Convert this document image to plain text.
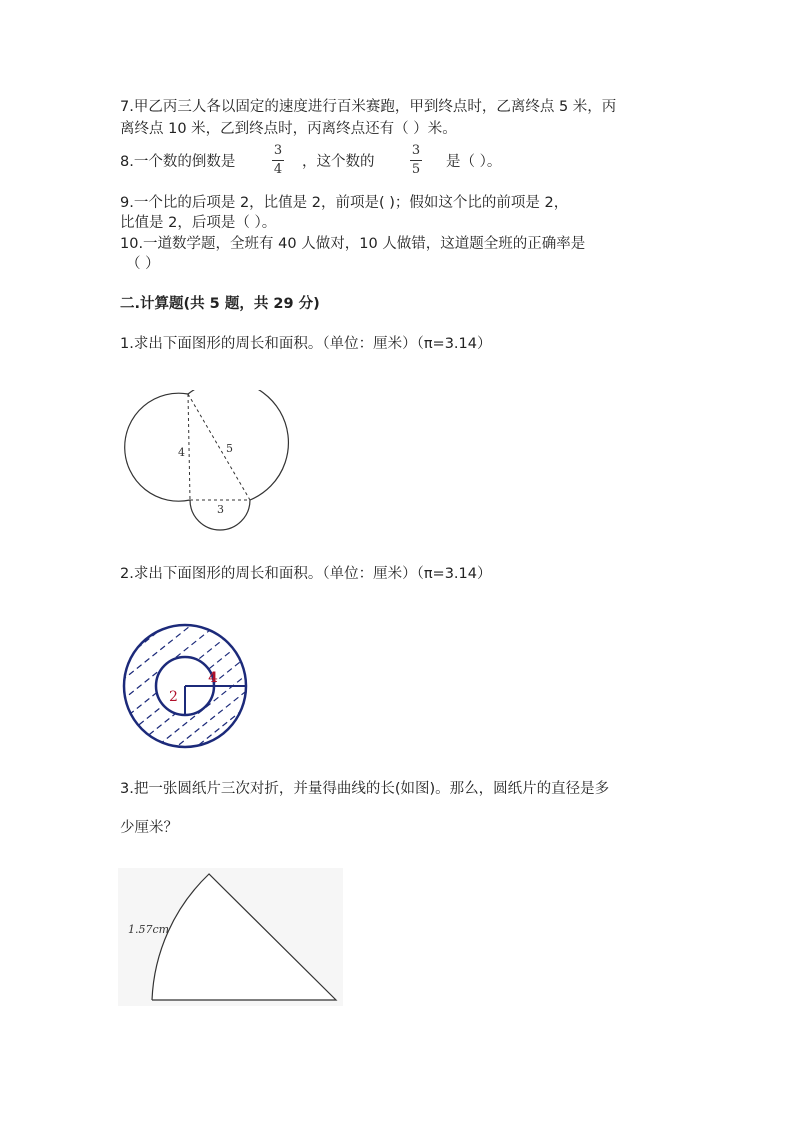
7.甲乙丙三人各以固定的速度进行百米赛跑，甲到终点时，乙离终点 5 米，丙
离终点 10 米，乙到终点时，丙离终点还有（ ）米。
8.一个数的倒数是
3
4 ，这个数的
3
5 是（ ）。
9.一个比的后项是 2，比值是 2，前项是( )；假如这个比的前项是 2，
比值是 2，后项是（ ）。
10.一道数学题，全班有 40 人做对，10 人做错，这道题全班的正确率是
（ ）
二.计算题(共 5 题，共 29 分)
1.求出下面图形的周长和面积。（单位：厘米）（π=3.14）
4	5
3
2.求出下面图形的周长和面积。（单位：厘米）（π=3.14）
2
4
3.把一张圆纸片三次对折，并量得曲线的长(如图)。那么，圆纸片的直径是多
少厘米？
1.57cm
